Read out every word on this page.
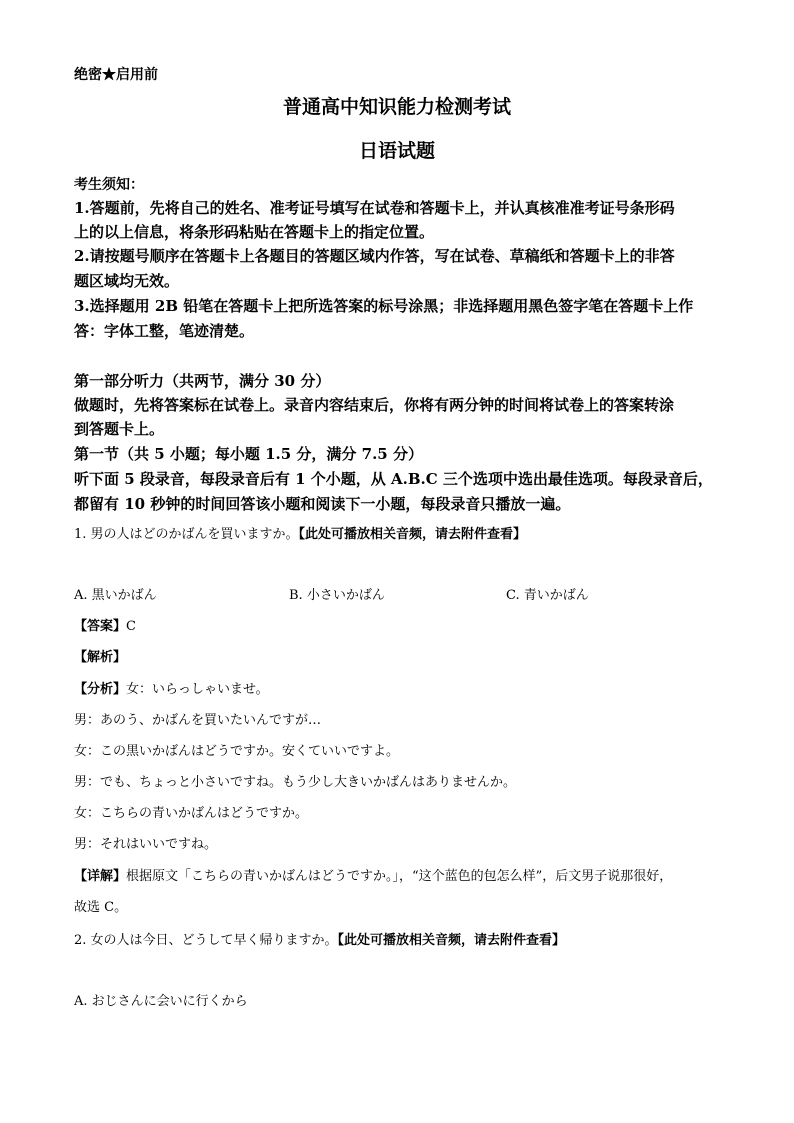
绝密★启用前
普通高中知识能力检测考试
日语试题
考生须知：
1.答题前，先将自己的姓名、准考证号填写在试卷和答题卡上，并认真核准准考证号条形码
上的以上信息，将条形码粘贴在答题卡上的指定位置。
2.请按题号顺序在答题卡上各题目的答题区域内作答，写在试卷、草稿纸和答题卡上的非答
题区域均无效。
3.选择题用 2B 铅笔在答题卡上把所选答案的标号涂黑；非选择题用黑色签字笔在答题卡上作
答：字体工整，笔迹清楚。
第一部分听力（共两节，满分 30 分）
做题时，先将答案标在试卷上。录音内容结束后，你将有两分钟的时间将试卷上的答案转涂
到答题卡上。
第一节（共 5 小题；每小题 1.5 分，满分 7.5 分）
听下面 5 段录音，每段录音后有 1 个小题，从 A.B.C 三个选项中选出最佳选项。每段录音后，
都留有 10 秒钟的时间回答该小题和阅读下一小题，每段录音只播放一遍。
1. 男の人はどのかばんを買いますか。【此处可播放相关音频，请去附件查看】
A. 黒いかばん	B. 小さいかばん	C. 青いかばん
【答案】C
【解析】
【分析】女：いらっしゃいませ。
男：あのう、かばんを買いたいんですが…
女：この黒いかばんはどうですか。安くていいですよ。
男：でも、ちょっと小さいですね。もう少し大きいかばんはありませんか。
女：こちらの青いかばんはどうですか。
男：それはいいですね。
【详解】根据原文「こちらの青いかばんはどうですか。」，“这个蓝色的包怎么样”，后文男子说那很好，
故选 C。
2. 女の人は今日、どうして早く帰りますか。【此处可播放相关音频，请去附件查看】
A. おじさんに会いに行くから
